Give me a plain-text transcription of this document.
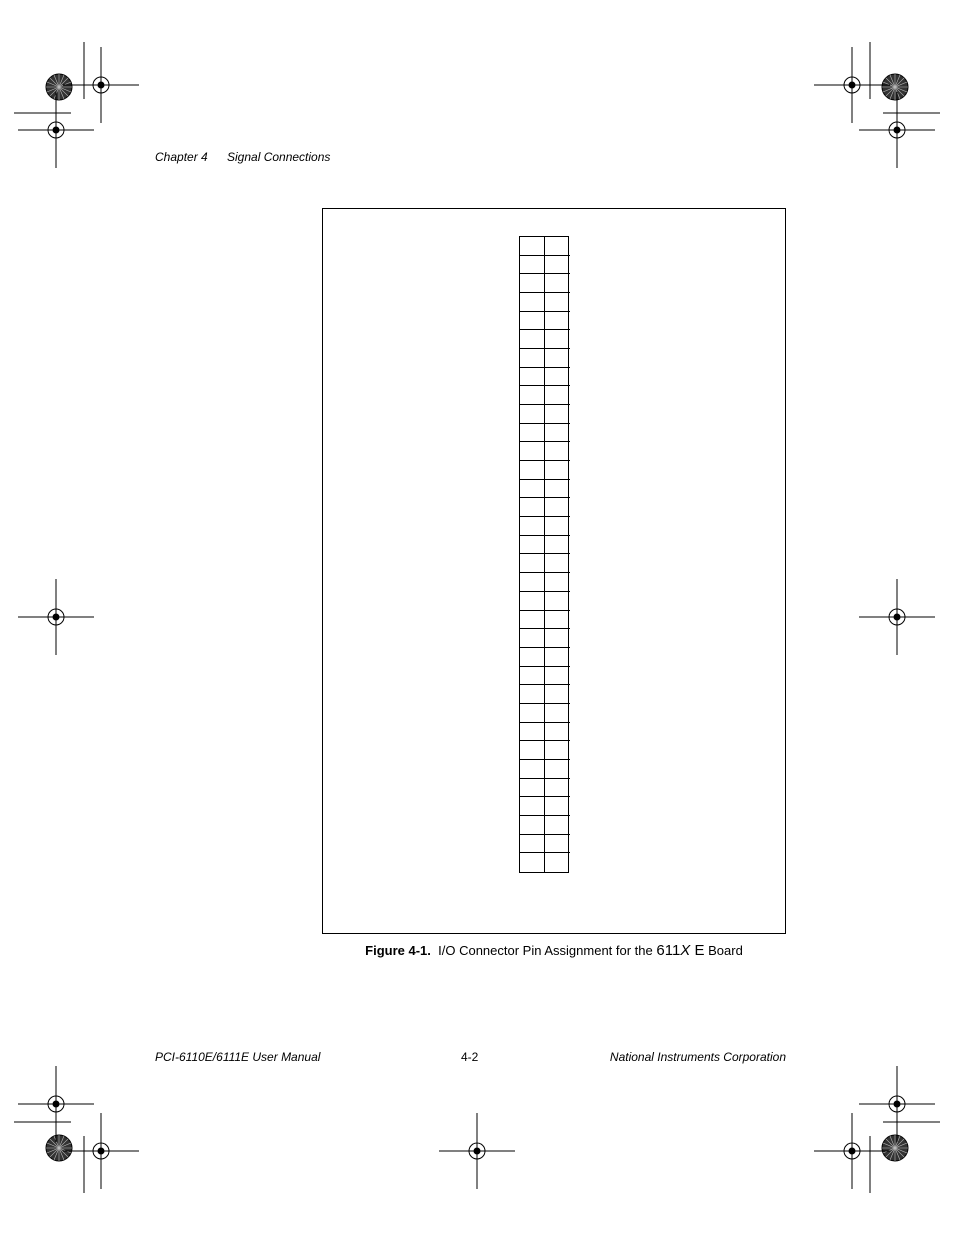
Chapter 4 Signal Connections
Figure 4-1. I/O Connector Pin Assignment for the 611X E Board
PCI-6110E/6111E User Manual	4-2	National Instruments Corporation
